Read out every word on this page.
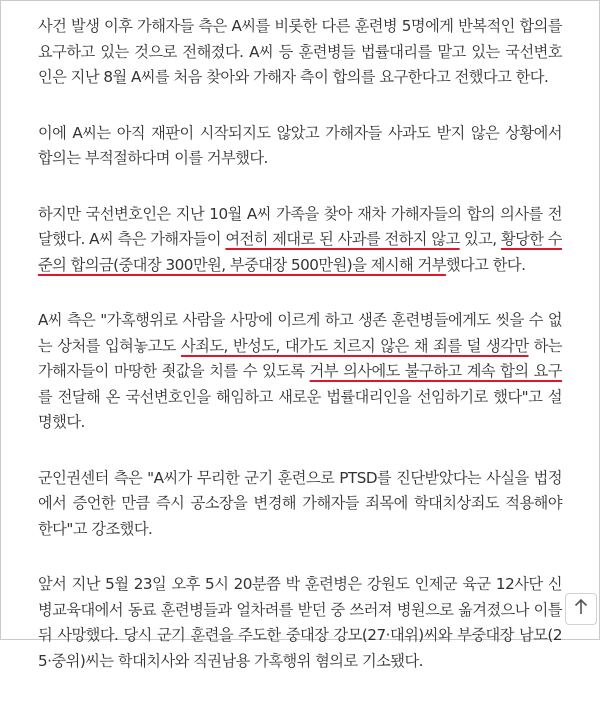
사건 발생 이후 가해자들 측은 A씨를 비롯한 다른 훈련병 5명에게 반복적인 합의를 요구하고 있는 것으로 전해졌다. A씨 등 훈련병들 법률대리를 맡고 있는 국선변호인은 지난 8월 A씨를 처음 찾아와 가해자 측이 합의를 요구한다고 전했다고 한다.

이에 A씨는 아직 재판이 시작되지도 않았고 가해자들 사과도 받지 않은 상황에서 합의는 부적절하다며 이를 거부했다.

하지만 국선변호인은 지난 10월 A씨 가족을 찾아 재차 가해자들의 합의 의사를 전달했다. A씨 측은 가해자들이 여전히 제대로 된 사과를 전하지 않고 있고, 황당한 수준의 합의금(중대장 300만원, 부중대장 500만원)을 제시해 거부했다고 한다.

A씨 측은 "가혹행위로 사람을 사망에 이르게 하고 생존 훈련병들에게도 씻을 수 없는 상처를 입혀놓고도 사죄도, 반성도, 대가도 치르지 않은 채 죄를 덜 생각만 하는 가해자들이 마땅한 죗값을 치를 수 있도록 거부 의사에도 불구하고 계속 합의 요구를 전달해 온 국선변호인을 해임하고 새로운 법률대리인을 선임하기로 했다"고 설명했다.

군인권센터 측은 "A씨가 무리한 군기 훈련으로 PTSD를 진단받았다는 사실을 법정에서 증언한 만큼 즉시 공소장을 변경해 가해자들 죄목에 학대치상죄도 적용해야 한다"고 강조했다.

앞서 지난 5월 23일 오후 5시 20분쯤 박 훈련병은 강원도 인제군 육군 12사단 신병교육대에서 동료 훈련병들과 얼차려를 받던 중 쓰러져 병원으로 옮겨졌으나 이틀 뒤 사망했다. 당시 군기 훈련을 주도한 중대장 강모(27·대위)씨와 부중대장 남모(25·중위)씨는 학대치사와 직권남용 가혹행위 혐의로 기소됐다.
